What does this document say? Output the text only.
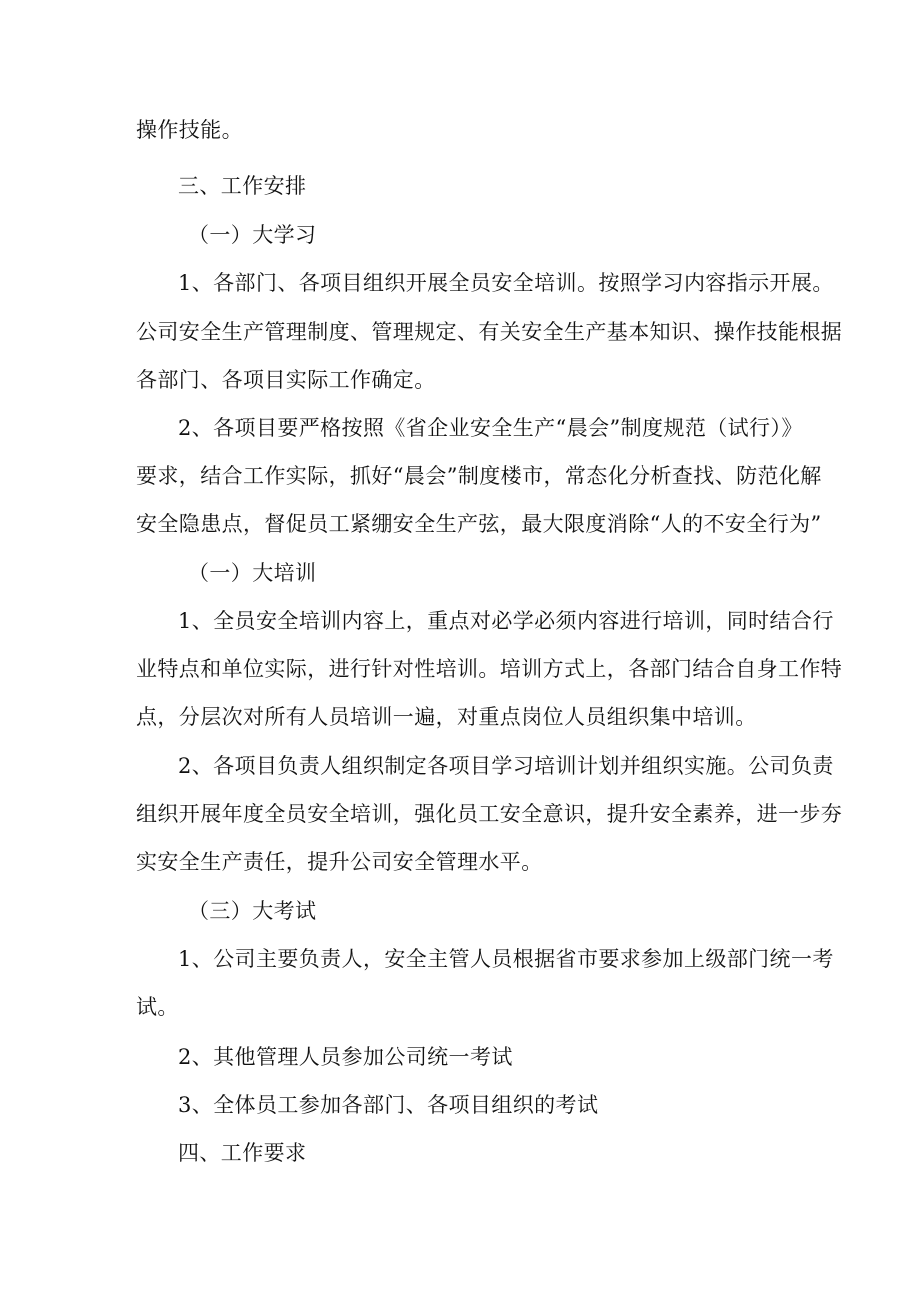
操作技能。
三、工作安排
（一）大学习
1、各部门、各项目组织开展全员安全培训。按照学习内容指示开展。
公司安全生产管理制度、管理规定、有关安全生产基本知识、操作技能根据
各部门、各项目实际工作确定。
2、各项目要严格按照《省企业安全生产“晨会”制度规范（试行）》
要求，结合工作实际，抓好“晨会”制度楼市，常态化分析查找、防范化解
安全隐患点，督促员工紧绷安全生产弦，最大限度消除“人的不安全行为”
（一）大培训
1、全员安全培训内容上，重点对必学必须内容进行培训，同时结合行
业特点和单位实际，进行针对性培训。培训方式上，各部门结合自身工作特
点，分层次对所有人员培训一遍，对重点岗位人员组织集中培训。
2、各项目负责人组织制定各项目学习培训计划并组织实施。公司负责
组织开展年度全员安全培训，强化员工安全意识，提升安全素养，进一步夯
实安全生产责任，提升公司安全管理水平。
（三）大考试
1、公司主要负责人，安全主管人员根据省市要求参加上级部门统一考
试。
2、其他管理人员参加公司统一考试
3、全体员工参加各部门、各项目组织的考试
四、工作要求
